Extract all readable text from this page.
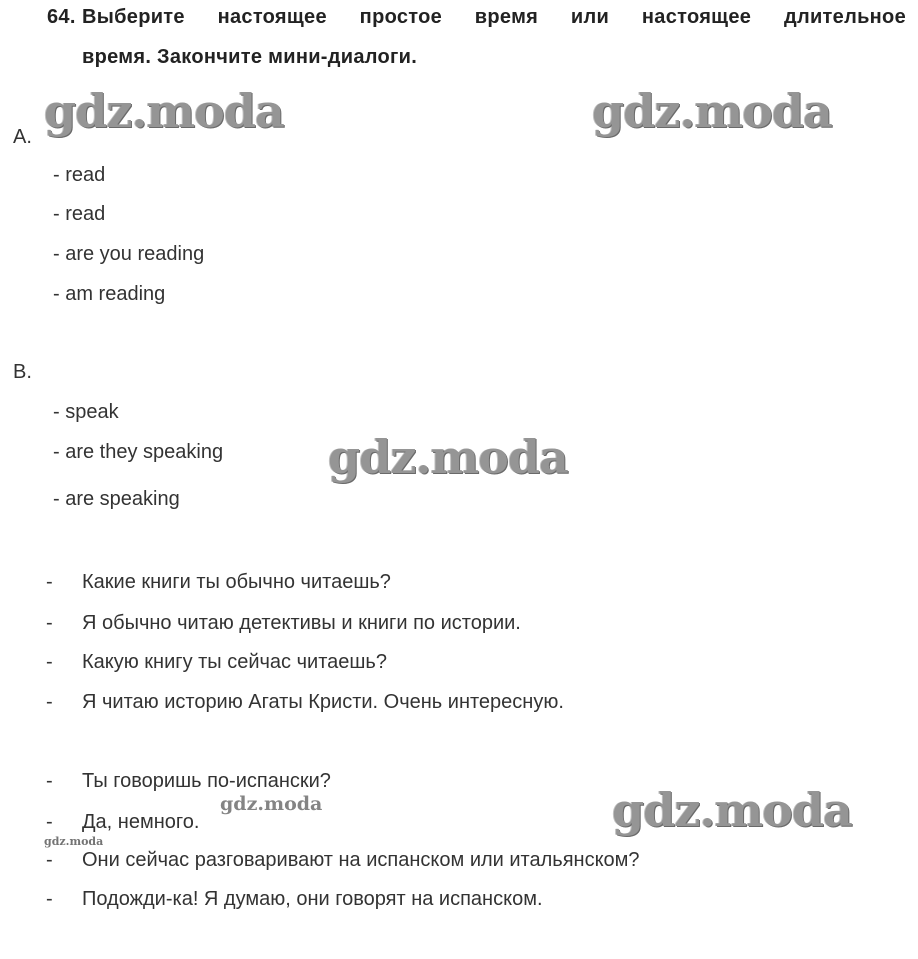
64. Выберите настоящее простое время или настоящее длительное
время. Закончите мини-диалоги.
A.
- read
- read
- are you reading
- am reading
B.
- speak
- are they speaking
- are speaking
- Какие книги ты обычно читаешь?
- Я обычно читаю детективы и книги по истории.
- Какую книгу ты сейчас читаешь?
- Я читаю историю Агаты Кристи. Очень интересную.
- Ты говоришь по-испански?
- Да, немного.
- Они сейчас разговаривают на испанском или итальянском?
- Подожди-ка! Я думаю, они говорят на испанском.
gdz.moda	gdz.moda
gdz.moda
gdz.moda
gdz.moda
gdz.moda
